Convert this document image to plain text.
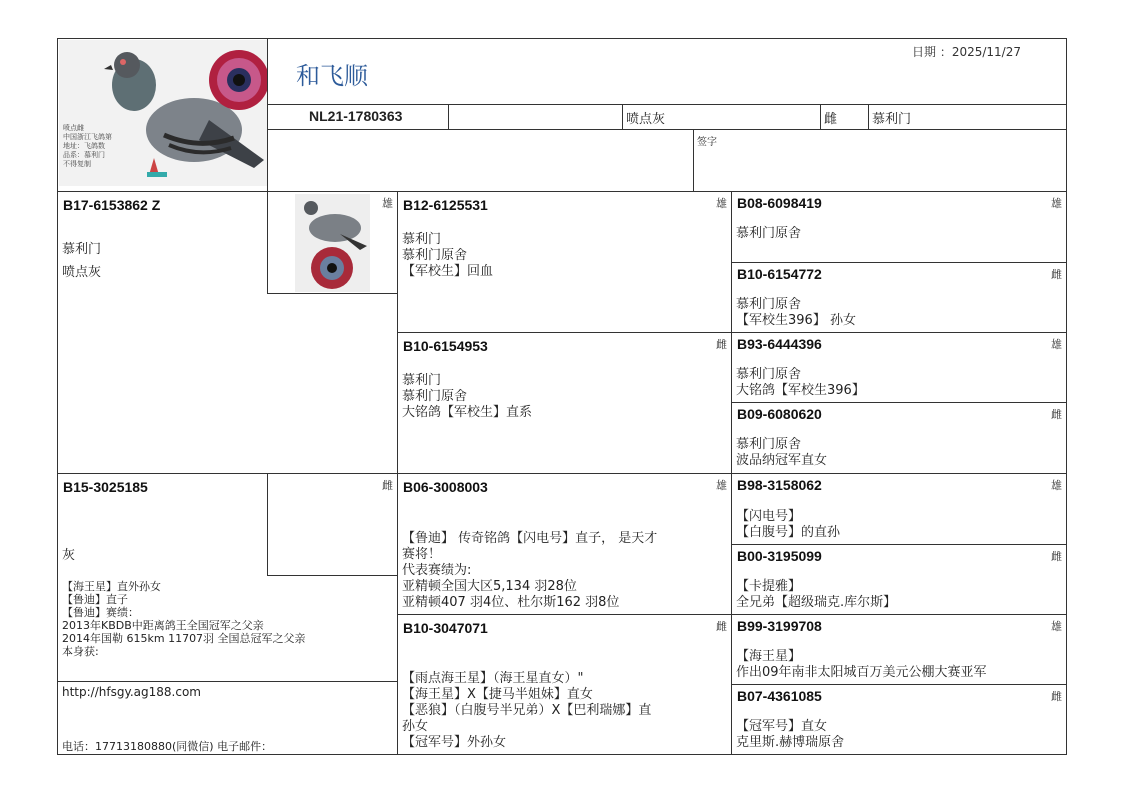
喷点雌
中国浙江飞鸽第
地址：飞鸽数
品系：慕利门
不得复制
和飞顺
日期 ：2025/11/27
NL21-1780363	喷点灰	雌	慕利门
签字
B17-6153862 Z
慕利门
喷点灰
雄
B15-3025185
灰
【海王星】直外孙女
【鲁迪】直子
【鲁迪】赛绩：
2013年KBDB中距离鸽王全国冠军之父亲
2014年国勒 615km 11707羽 全国总冠军之父亲
本身获:
雌
http://hfsgy.ag188.com
电话：17713180880(同微信) 电子邮件：
B12-6125531	雄
慕利门
慕利门原舍
【军校生】回血
B10-6154953	雌
慕利门
慕利门原舍
大铭鸽【军校生】直系
B06-3008003	雄
【鲁迪】 传奇铭鸽【闪电号】直子， 是天才
赛将！
代表赛绩为:
亚精顿全国大区5,134 羽28位
亚精顿407 羽4位、杜尔斯162 羽8位
B10-3047071	雌
【雨点海王星】（海王星直女）"
【海王星】X【捷马半姐妹】直女
【恶狼】（白腹号半兄弟）X【巴利瑞娜】直
孙女
【冠军号】外孙女
B08-6098419	雄
慕利门原舍
B10-6154772	雌
慕利门原舍
【军校生396】 孙女
B93-6444396	雄
慕利门原舍
大铭鸽【军校生396】
B09-6080620	雌
慕利门原舍
波品纳冠军直女
B98-3158062	雄
【闪电号】
【白腹号】的直孙
B00-3195099	雌
【卡提雅】
全兄弟【超级瑞克.库尔斯】
B99-3199708	雄
【海王星】
作出09年南非太阳城百万美元公棚大赛亚军
B07-4361085	雌
【冠军号】直女
克里斯.赫博瑞原舍
